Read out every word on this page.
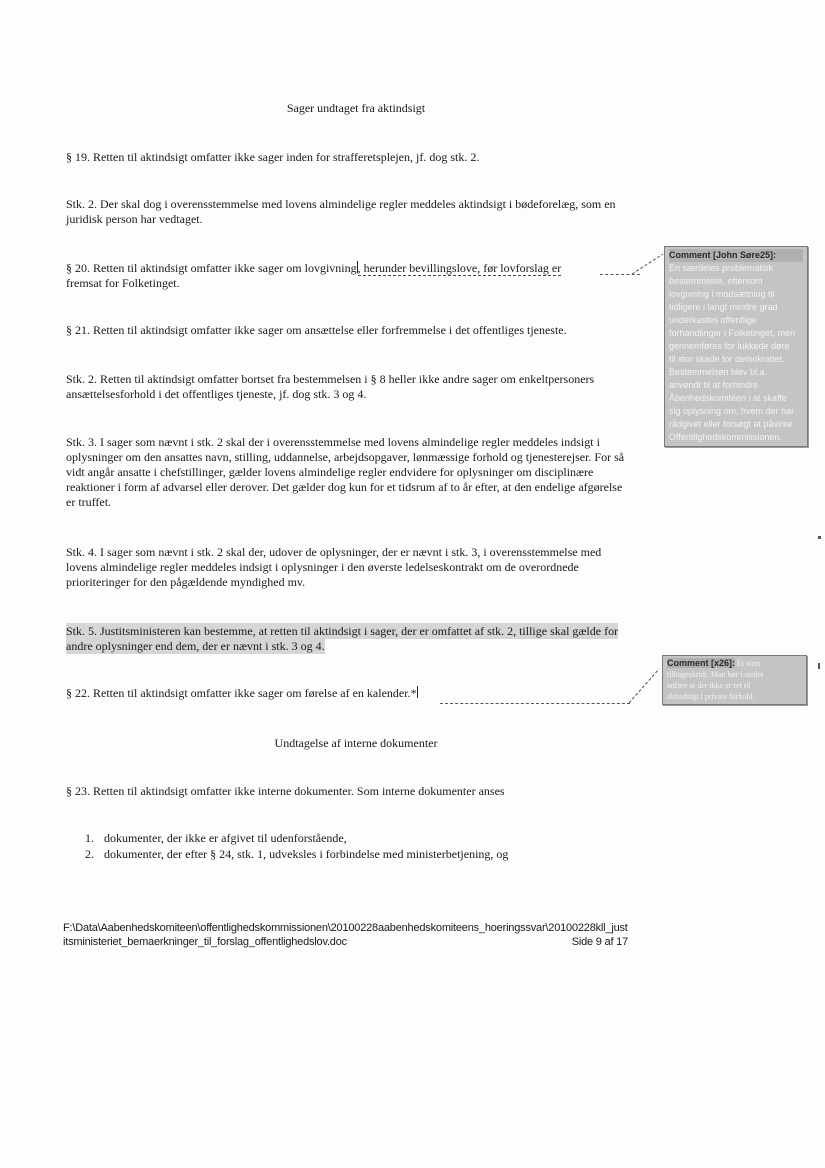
Sager undtaget fra aktindsigt
§ 19. Retten til aktindsigt omfatter ikke sager inden for strafferetsplejen, jf. dog stk. 2.
Stk. 2. Der skal dog i overensstemmelse med lovens almindelige regler meddeles aktindsigt i bødeforelæg, som en juridisk person har vedtaget.
§ 20. Retten til aktindsigt omfatter ikke sager om lovgivning, herunder bevillingslove, før lovforslag er
fremsat for Folketinget.
§ 21. Retten til aktindsigt omfatter ikke sager om ansættelse eller forfremmelse i det offentliges tjeneste.
Stk. 2. Retten til aktindsigt omfatter bortset fra bestemmelsen i § 8 heller ikke andre sager om enkeltpersoners ansættelsesforhold i det offentliges tjeneste, jf. dog stk. 3 og 4.
Stk. 3. I sager som nævnt i stk. 2 skal der i overensstemmelse med lovens almindelige regler meddeles indsigt i oplysninger om den ansattes navn, stilling, uddannelse, arbejdsopgaver, lønmæssige forhold og tjenesterejser. For så vidt angår ansatte i chefstillinger, gælder lovens almindelige regler endvidere for oplysninger om disciplinære reaktioner i form af advarsel eller derover. Det gælder dog kun for et tidsrum af to år efter, at den endelige afgørelse er truffet.
Stk. 4. I sager som nævnt i stk. 2 skal der, udover de oplysninger, der er nævnt i stk. 3, i overensstemmelse med lovens almindelige regler meddeles indsigt i oplysninger i den øverste ledelseskontrakt om de overordnede prioriteringer for den pågældende myndighed mv.
Stk. 5. Justitsministeren kan bestemme, at retten til aktindsigt i sager, der er omfattet af stk. 2, tillige skal gælde for andre oplysninger end dem, der er nævnt i stk. 3 og 4.
§ 22. Retten til aktindsigt omfatter ikke sager om førelse af en kalender.*
Undtagelse af interne dokumenter
§ 23. Retten til aktindsigt omfatter ikke interne dokumenter. Som interne dokumenter anses
1. dokumenter, der ikke er afgivet til udenforstående,
2. dokumenter, der efter § 24, stk. 1, udveksles i forbindelse med ministerbetjening, og
F:\Data\Aabenhedskomiteen\offentlighedskommissionen\20100228aabenhedskomiteens_hoeringssvar\20100228kll_just
itsministeriet_bemaerkninger_til_forslag_offentlighedslov.doc	Side 9 af 17
Comment [John Søre25]:
En særdeles problematisk
bestemmelse, eftersom
lovgivning i modsætning til
tidligere i langt mindre grad
underkastes offentlige
forhandlinger i Folketinget, men
gennemføres for lukkede døre
til stor skade for demokratiet.
Bestemmelsen blev bl.a.
anvendt til at forhindre
Åbenhedskomitéen i at skaffe
sig oplysning om, hvem der har
rådgivet eller forsøgt at påvirke
Offentlighedskommissionen.
Comment [x26]: Et stort
tilbageskridt. Man bør i stedet
anføre at der ikke er ret til
aktindsigt i private forhold.
